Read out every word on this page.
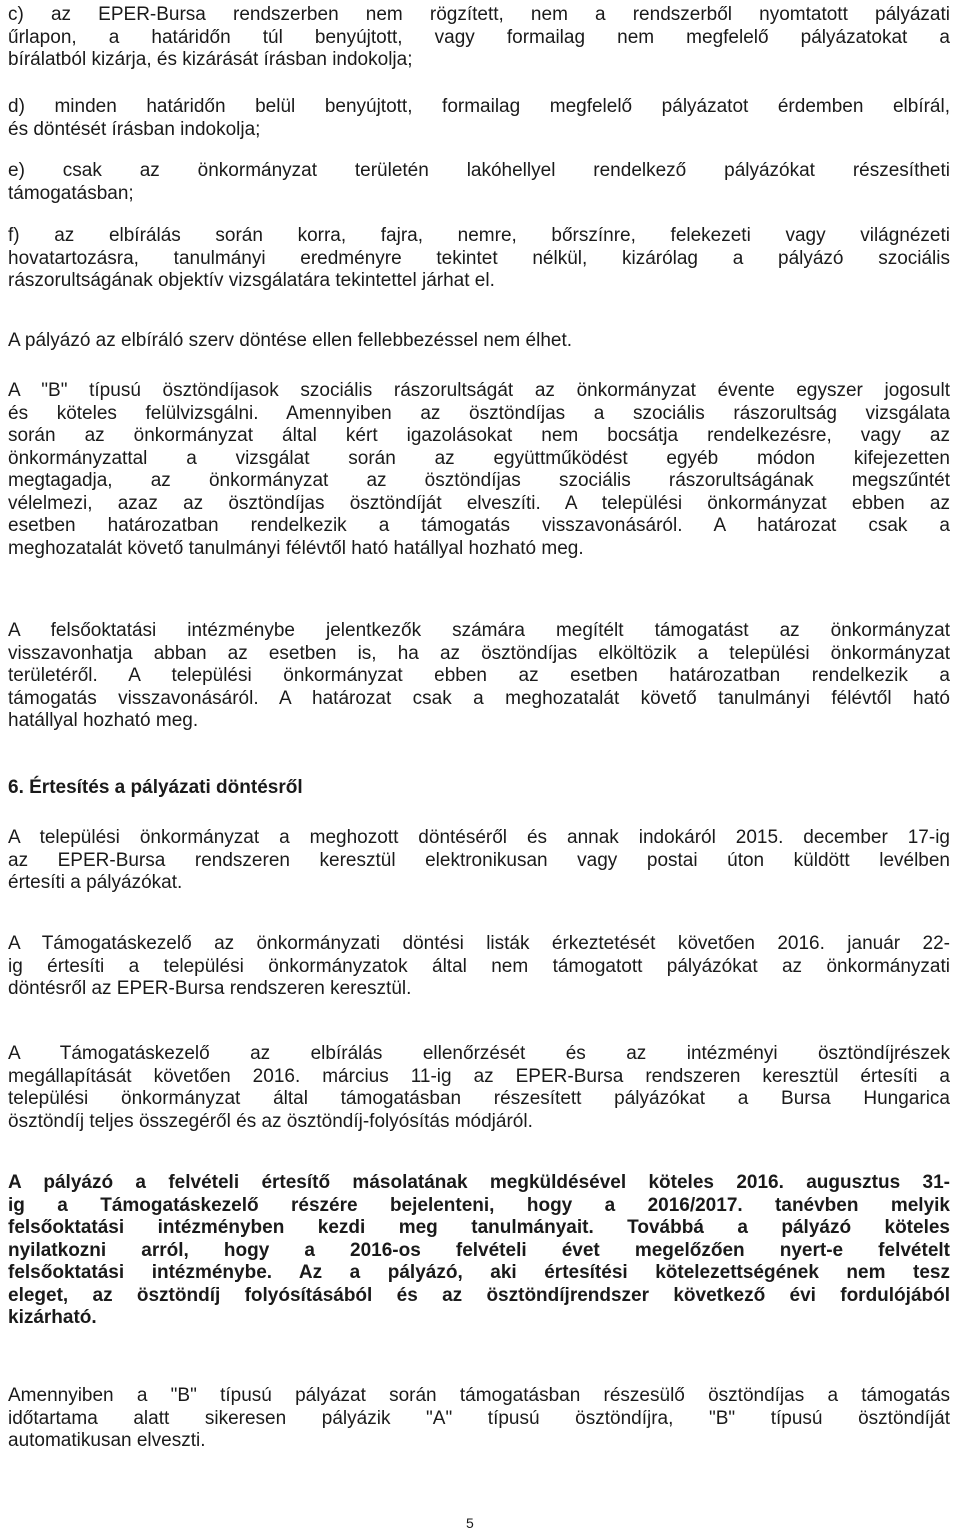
c) az EPER-Bursa rendszerben nem rögzített, nem a rendszerből nyomtatott pályázati
űrlapon, a határidőn túl benyújtott, vagy formailag nem megfelelő pályázatokat a
bírálatból kizárja, és kizárását írásban indokolja;
d) minden határidőn belül benyújtott, formailag megfelelő pályázatot érdemben elbírál,
és döntését írásban indokolja;
e) csak az önkormányzat területén lakóhellyel rendelkező pályázókat részesítheti
támogatásban;
f) az elbírálás során korra, fajra, nemre, bőrszínre, felekezeti vagy világnézeti
hovatartozásra, tanulmányi eredményre tekintet nélkül, kizárólag a pályázó szociális
rászorultságának objektív vizsgálatára tekintettel járhat el.
A pályázó az elbíráló szerv döntése ellen fellebbezéssel nem élhet.
A "B" típusú ösztöndíjasok szociális rászorultságát az önkormányzat évente egyszer jogosult
és köteles felülvizsgálni. Amennyiben az ösztöndíjas a szociális rászorultság vizsgálata
során az önkormányzat által kért igazolásokat nem bocsátja rendelkezésre, vagy az
önkormányzattal a vizsgálat során az együttműködést egyéb módon kifejezetten
megtagadja, az önkormányzat az ösztöndíjas szociális rászorultságának megszűntét
vélelmezi, azaz az ösztöndíjas ösztöndíját elveszíti. A települési önkormányzat ebben az
esetben határozatban rendelkezik a támogatás visszavonásáról. A határozat csak a
meghozatalát követő tanulmányi félévtől ható hatállyal hozható meg.
A felsőoktatási intézménybe jelentkezők számára megítélt támogatást az önkormányzat
visszavonhatja abban az esetben is, ha az ösztöndíjas elköltözik a települési önkormányzat
területéről. A települési önkormányzat ebben az esetben határozatban rendelkezik a
támogatás visszavonásáról. A határozat csak a meghozatalát követő tanulmányi félévtől ható
hatállyal hozható meg.
6. Értesítés a pályázati döntésről
A települési önkormányzat a meghozott döntéséről és annak indokáról 2015. december 17-ig
az EPER-Bursa rendszeren keresztül elektronikusan vagy postai úton küldött levélben
értesíti a pályázókat.
A Támogatáskezelő az önkormányzati döntési listák érkeztetését követően 2016. január 22-
ig értesíti a települési önkormányzatok által nem támogatott pályázókat az önkormányzati
döntésről az EPER-Bursa rendszeren keresztül.
A Támogatáskezelő az elbírálás ellenőrzését és az intézményi ösztöndíjrészek
megállapítását követően 2016. március 11-ig az EPER-Bursa rendszeren keresztül értesíti a
települési önkormányzat által támogatásban részesített pályázókat a Bursa Hungarica
ösztöndíj teljes összegéről és az ösztöndíj-folyósítás módjáról.
A pályázó a felvételi értesítő másolatának megküldésével köteles 2016. augusztus 31-
ig a Támogatáskezelő részére bejelenteni, hogy a 2016/2017. tanévben melyik
felsőoktatási intézményben kezdi meg tanulmányait. Továbbá a pályázó köteles
nyilatkozni arról, hogy a 2016-os felvételi évet megelőzően nyert-e felvételt
felsőoktatási intézménybe. Az a pályázó, aki értesítési kötelezettségének nem tesz
eleget, az ösztöndíj folyósításából és az ösztöndíjrendszer következő évi fordulójából
kizárható.
Amennyiben a "B" típusú pályázat során támogatásban részesülő ösztöndíjas a támogatás
időtartama alatt sikeresen pályázik "A" típusú ösztöndíjra, "B" típusú ösztöndíját
automatikusan elveszti.
5
